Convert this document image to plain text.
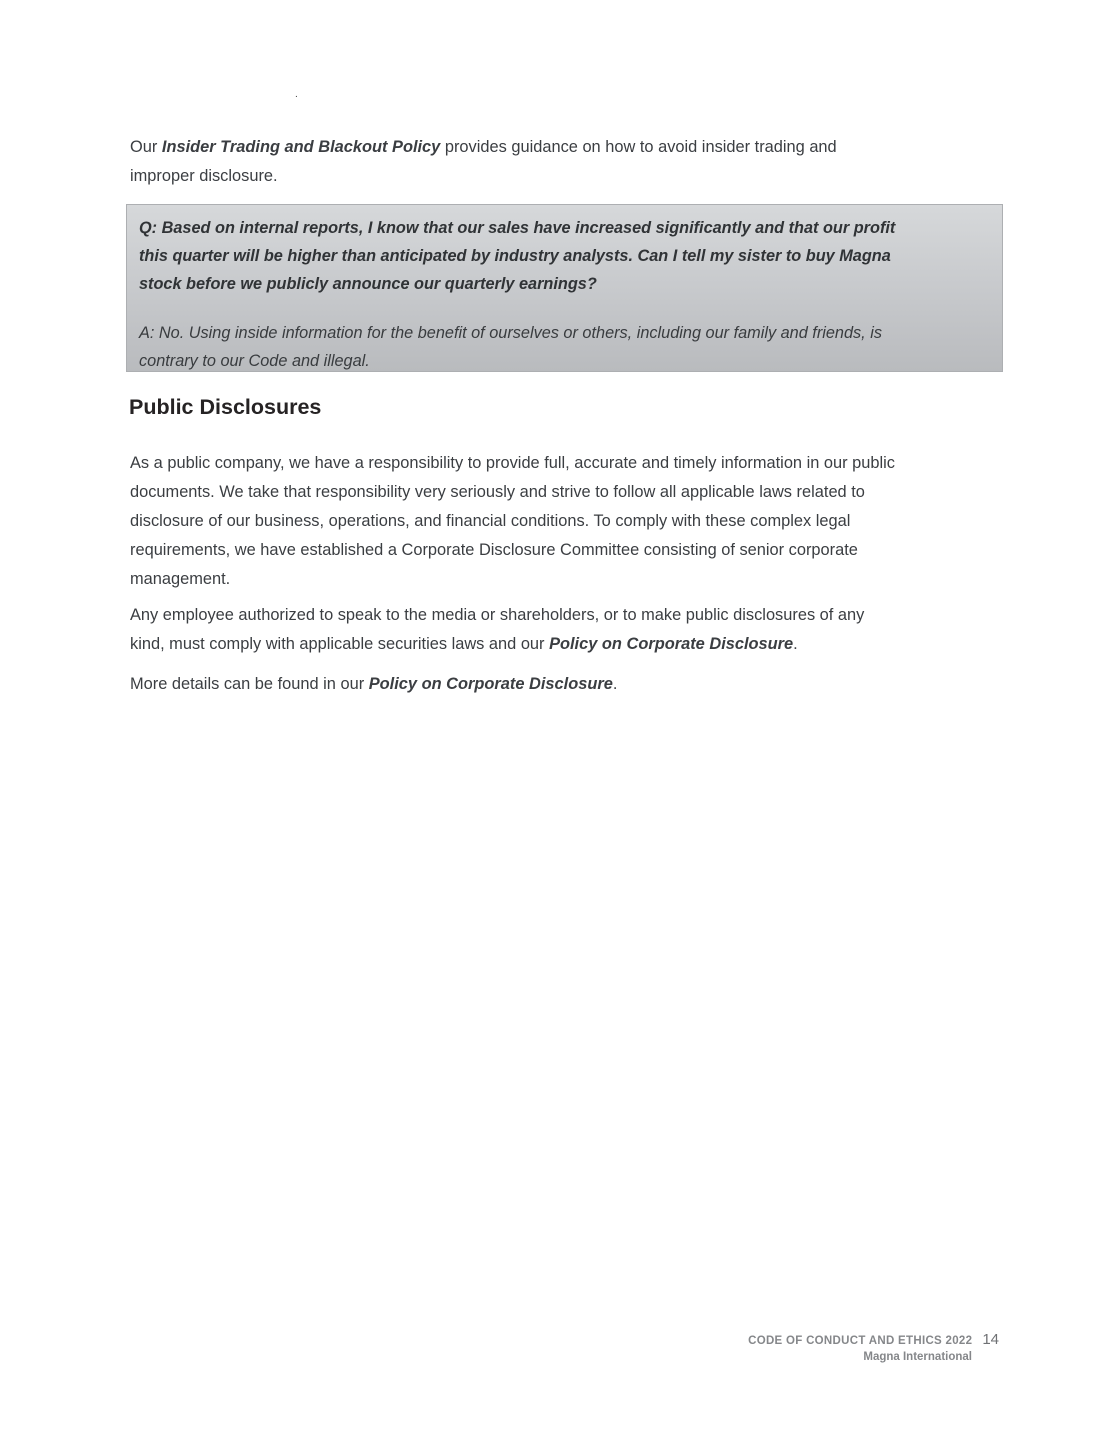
.
Our Insider Trading and Blackout Policy provides guidance on how to avoid insider trading and
improper disclosure.
Q: Based on internal reports, I know that our sales have increased significantly and that our profit
this quarter will be higher than anticipated by industry analysts. Can I tell my sister to buy Magna
stock before we publicly announce our quarterly earnings?
A: No. Using inside information for the benefit of ourselves or others, including our family and friends, is
contrary to our Code and illegal.
Public Disclosures
As a public company, we have a responsibility to provide full, accurate and timely information in our public
documents. We take that responsibility very seriously and strive to follow all applicable laws related to
disclosure of our business, operations, and financial conditions. To comply with these complex legal
requirements, we have established a Corporate Disclosure Committee consisting of senior corporate
management.
Any employee authorized to speak to the media or shareholders, or to make public disclosures of any
kind, must comply with applicable securities laws and our Policy on Corporate Disclosure.
More details can be found in our Policy on Corporate Disclosure.
CODE OF CONDUCT AND ETHICS 2022 14
Magna International
